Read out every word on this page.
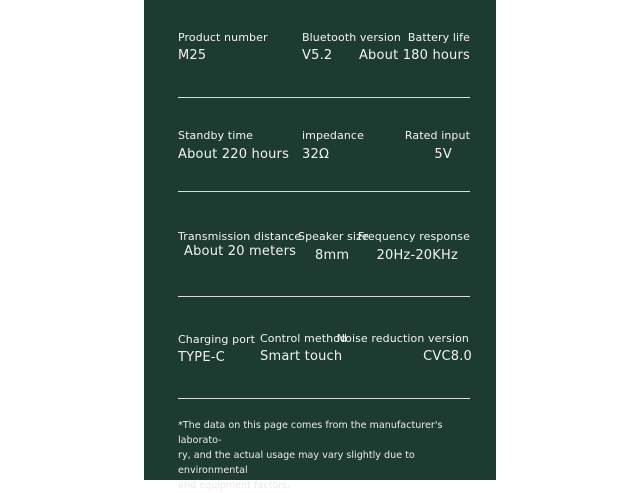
Product number
M25
Bluetooth version
V5.2
Battery life
About 180 hours
Standby time
About 220 hours
impedance
32Ω
Rated input
5V
Transmission distance
About 20 meters
Speaker size
8mm
Frequency response
20Hz-20KHz
Charging port
TYPE-C
Control method
Smart touch
Noise reduction version
CVC8.0
*The data on this page comes from the manufacturer's laborato-
ry, and the actual usage may vary slightly due to environmental
and equipment factors.
